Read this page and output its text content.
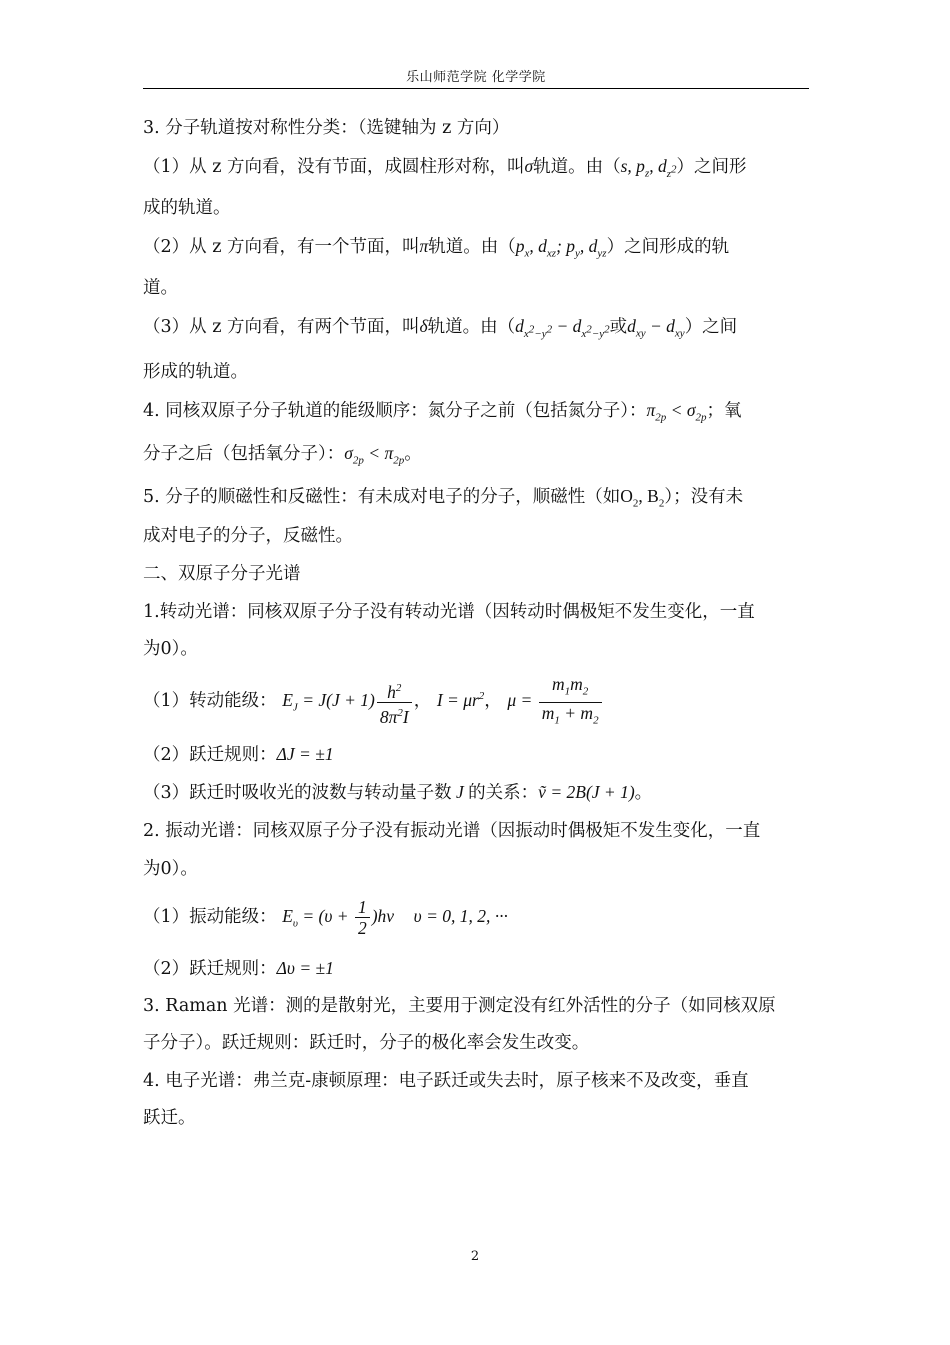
乐山师范学院 化学学院
3. 分子轨道按对称性分类：（选键轴为 z 方向）
（1）从 z 方向看，没有节面，成圆柱形对称，叫σ轨道。由（s, $p_z$, $d_{z^2}$）之间形
成的轨道。
（2）从 z 方向看，有一个节面，叫π轨道。由（$p_x$, $d_{xz}$; $p_y$, $d_{yz}$）之间形成的轨
道。
（3）从 z 方向看，有两个节面，叫δ轨道。由（$d_{x^2-y^2} - d_{x^2-y^2}$或$d_{xy} - d_{xy}$）之间
形成的轨道。
4. 同核双原子分子轨道的能级顺序：氮分子之前（包括氮分子）：$\pi_{2p} < \sigma_{2p}$；氧
分子之后（包括氧分子）：$\sigma_{2p} < \pi_{2p}$。
5. 分子的顺磁性和反磁性：有未成对电子的分子，顺磁性（如$O_2$, $B_2$）；没有未
成对电子的分子，反磁性。
二、双原子分子光谱
1.转动光谱：同核双原子分子没有转动光谱（因转动时偶极矩不发生变化，一直
为0）。
（1）转动能级： $E_J = J(J + 1) \frac{h^2}{8\pi^2I}$ ， $I = \mu r^2$， $\mu = \frac{m_1m_2}{m_1 + m_2}$
（2）跃迁规则：ΔJ = ±1
（3）跃迁时吸收光的波数与转动量子数 J 的关系：ṽ = 2B(J + 1)。
2. 振动光谱：同核双原子分子没有振动光谱（因振动时偶极矩不发生变化，一直
为0）。
（1）振动能级： $E_\upsilon = (\upsilon + \frac{1}{2} )h\nu$ υ = 0, 1, 2, ···
（2）跃迁规则：Δυ = ±1
3. Raman 光谱：测的是散射光，主要用于测定没有红外活性的分子（如同核双原
子分子）。跃迁规则：跃迁时，分子的极化率会发生改变。
4. 电子光谱：弗兰克-康顿原理：电子跃迁或失去时，原子核来不及改变，垂直
跃迁。
2
